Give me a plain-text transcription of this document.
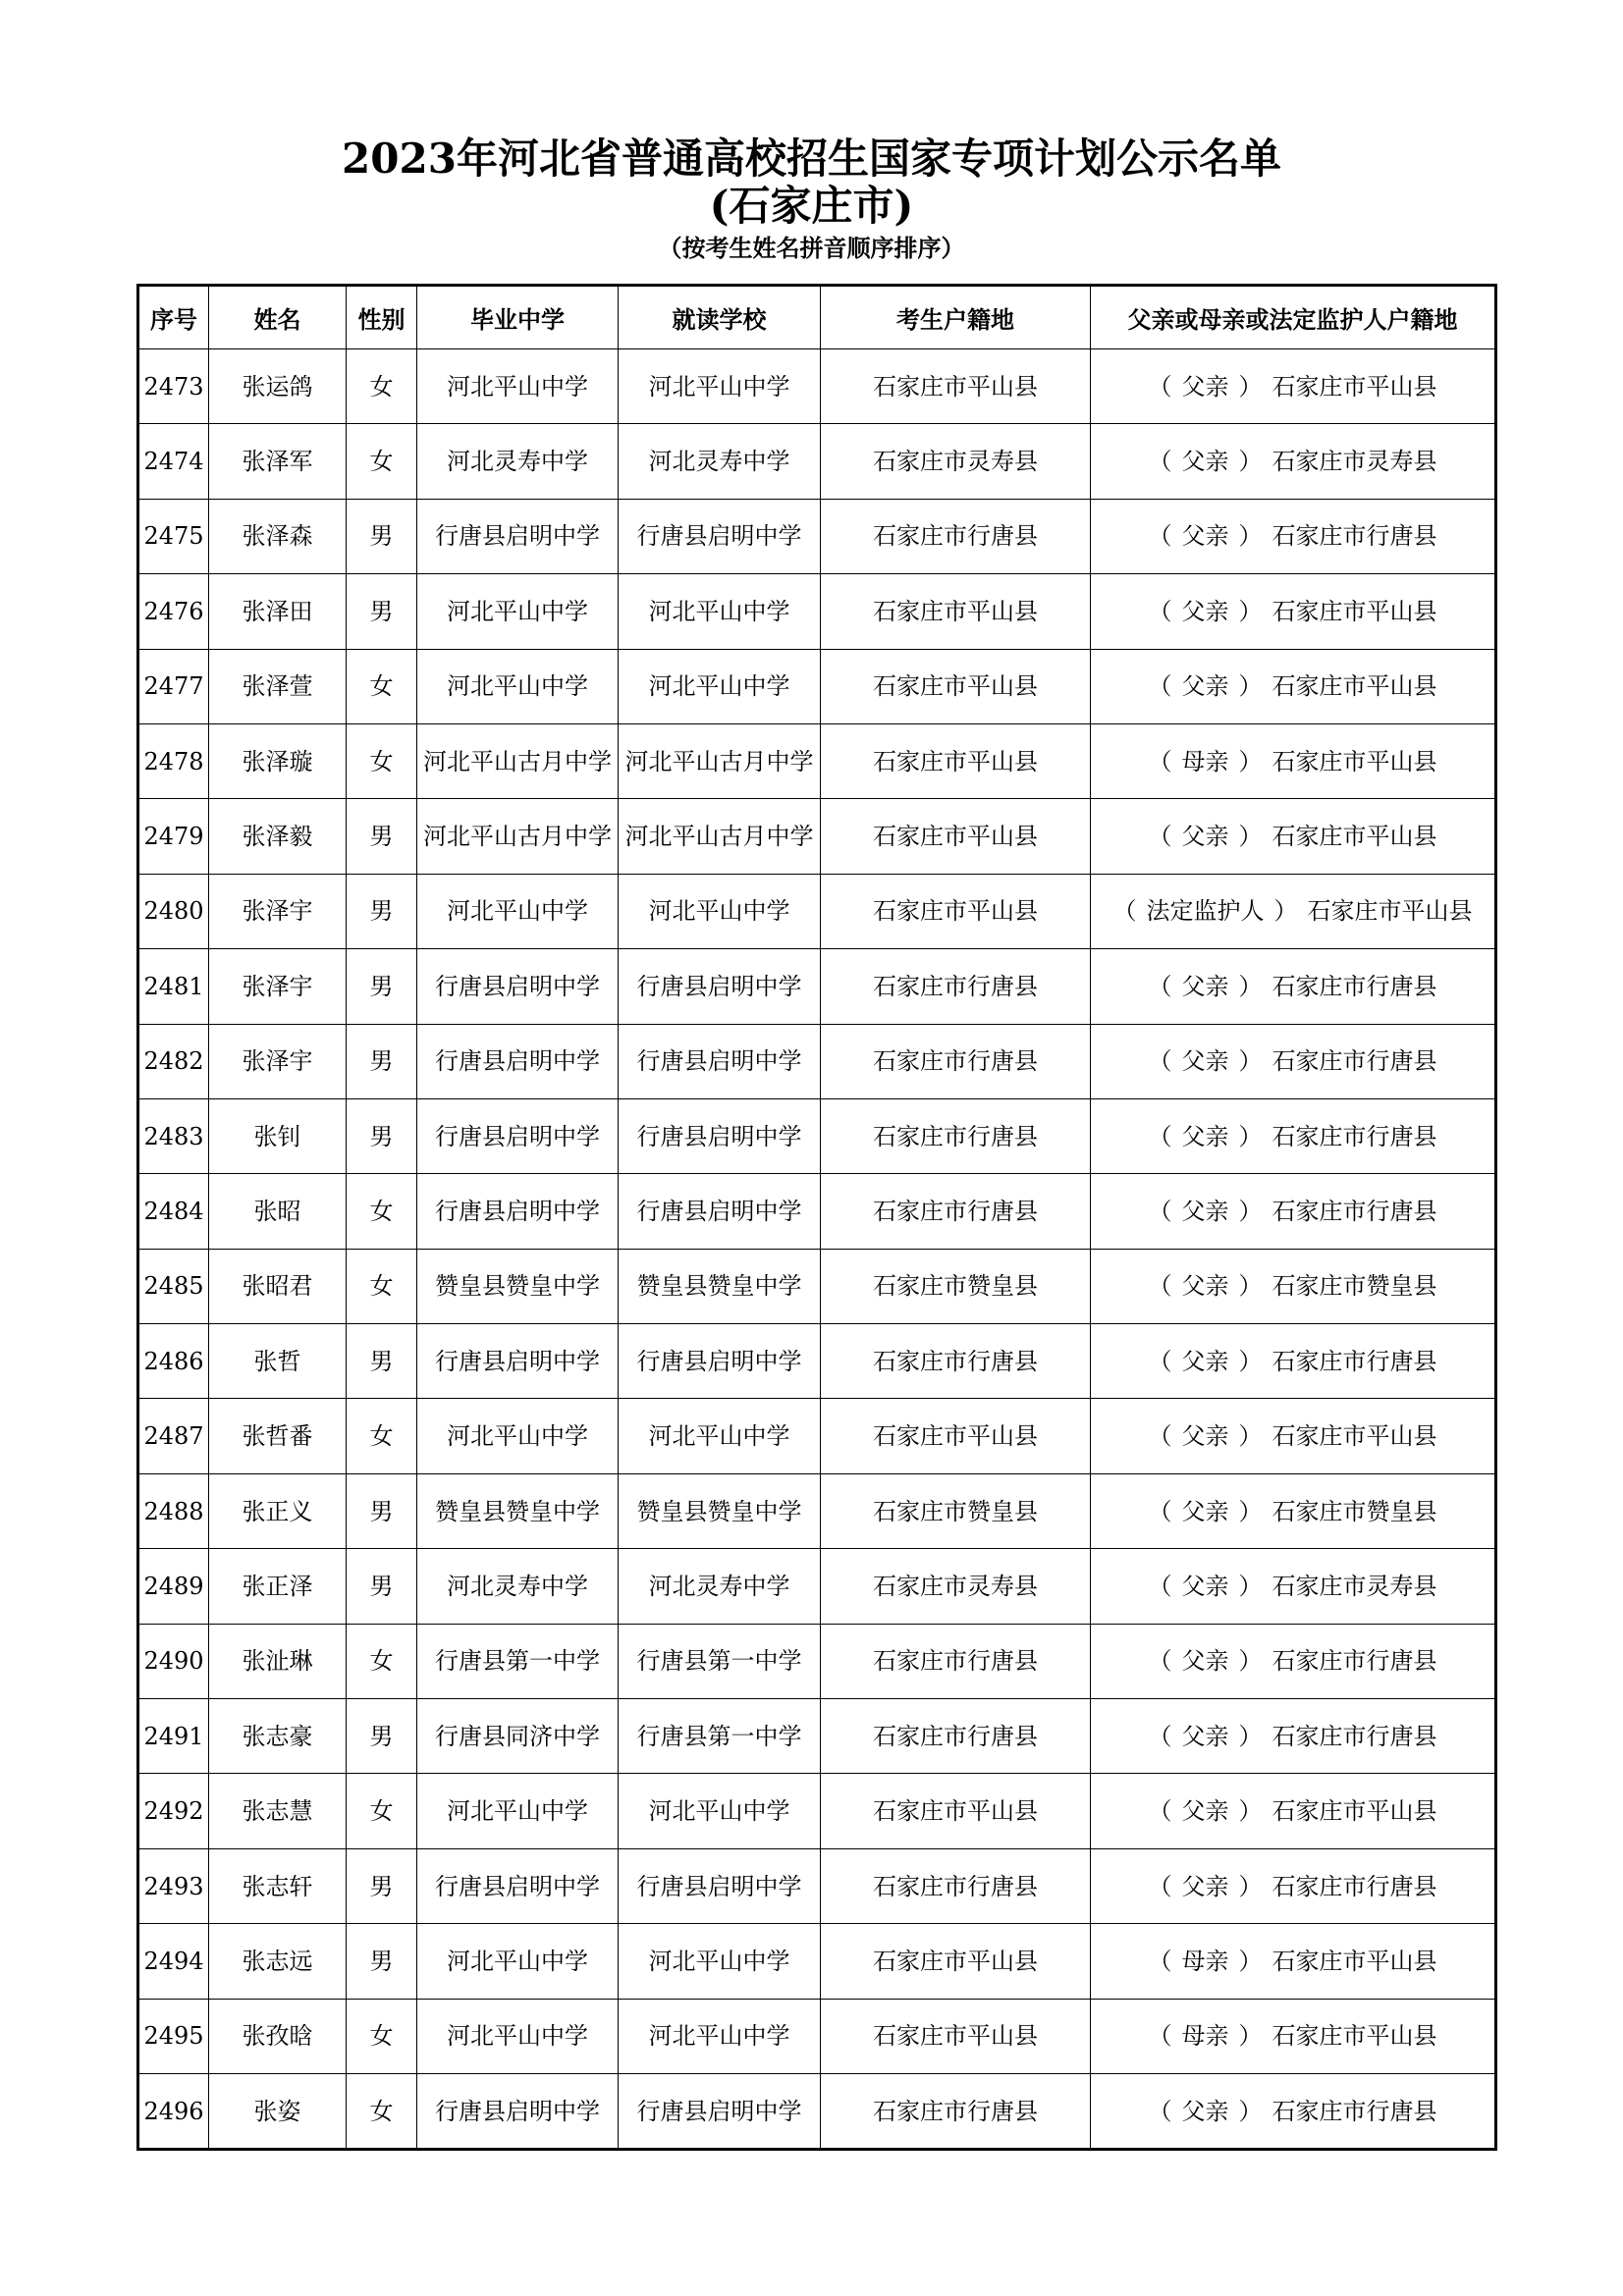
2023年河北省普通高校招生国家专项计划公示名单
(石家庄市)
（按考生姓名拼音顺序排序）
序号	姓名	性别	毕业中学	就读学校	考生户籍地	父亲或母亲或法定监护人户籍地
2473	张运鸽	女	河北平山中学	河北平山中学	石家庄市平山县	（ 父亲 ） 石家庄市平山县
2474	张泽军	女	河北灵寿中学	河北灵寿中学	石家庄市灵寿县	（ 父亲 ） 石家庄市灵寿县
2475	张泽森	男	行唐县启明中学	行唐县启明中学	石家庄市行唐县	（ 父亲 ） 石家庄市行唐县
2476	张泽田	男	河北平山中学	河北平山中学	石家庄市平山县	（ 父亲 ） 石家庄市平山县
2477	张泽萱	女	河北平山中学	河北平山中学	石家庄市平山县	（ 父亲 ） 石家庄市平山县
2478	张泽璇	女	河北平山古月中学	河北平山古月中学	石家庄市平山县	（ 母亲 ） 石家庄市平山县
2479	张泽毅	男	河北平山古月中学	河北平山古月中学	石家庄市平山县	（ 父亲 ） 石家庄市平山县
2480	张泽宇	男	河北平山中学	河北平山中学	石家庄市平山县	（ 法定监护人 ） 石家庄市平山县
2481	张泽宇	男	行唐县启明中学	行唐县启明中学	石家庄市行唐县	（ 父亲 ） 石家庄市行唐县
2482	张泽宇	男	行唐县启明中学	行唐县启明中学	石家庄市行唐县	（ 父亲 ） 石家庄市行唐县
2483	张钊	男	行唐县启明中学	行唐县启明中学	石家庄市行唐县	（ 父亲 ） 石家庄市行唐县
2484	张昭	女	行唐县启明中学	行唐县启明中学	石家庄市行唐县	（ 父亲 ） 石家庄市行唐县
2485	张昭君	女	赞皇县赞皇中学	赞皇县赞皇中学	石家庄市赞皇县	（ 父亲 ） 石家庄市赞皇县
2486	张哲	男	行唐县启明中学	行唐县启明中学	石家庄市行唐县	（ 父亲 ） 石家庄市行唐县
2487	张哲番	女	河北平山中学	河北平山中学	石家庄市平山县	（ 父亲 ） 石家庄市平山县
2488	张正义	男	赞皇县赞皇中学	赞皇县赞皇中学	石家庄市赞皇县	（ 父亲 ） 石家庄市赞皇县
2489	张正泽	男	河北灵寿中学	河北灵寿中学	石家庄市灵寿县	（ 父亲 ） 石家庄市灵寿县
2490	张沚琳	女	行唐县第一中学	行唐县第一中学	石家庄市行唐县	（ 父亲 ） 石家庄市行唐县
2491	张志豪	男	行唐县同济中学	行唐县第一中学	石家庄市行唐县	（ 父亲 ） 石家庄市行唐县
2492	张志慧	女	河北平山中学	河北平山中学	石家庄市平山县	（ 父亲 ） 石家庄市平山县
2493	张志轩	男	行唐县启明中学	行唐县启明中学	石家庄市行唐县	（ 父亲 ） 石家庄市行唐县
2494	张志远	男	河北平山中学	河北平山中学	石家庄市平山县	（ 母亲 ） 石家庄市平山县
2495	张孜晗	女	河北平山中学	河北平山中学	石家庄市平山县	（ 母亲 ） 石家庄市平山县
2496	张姿	女	行唐县启明中学	行唐县启明中学	石家庄市行唐县	（ 父亲 ） 石家庄市行唐县
